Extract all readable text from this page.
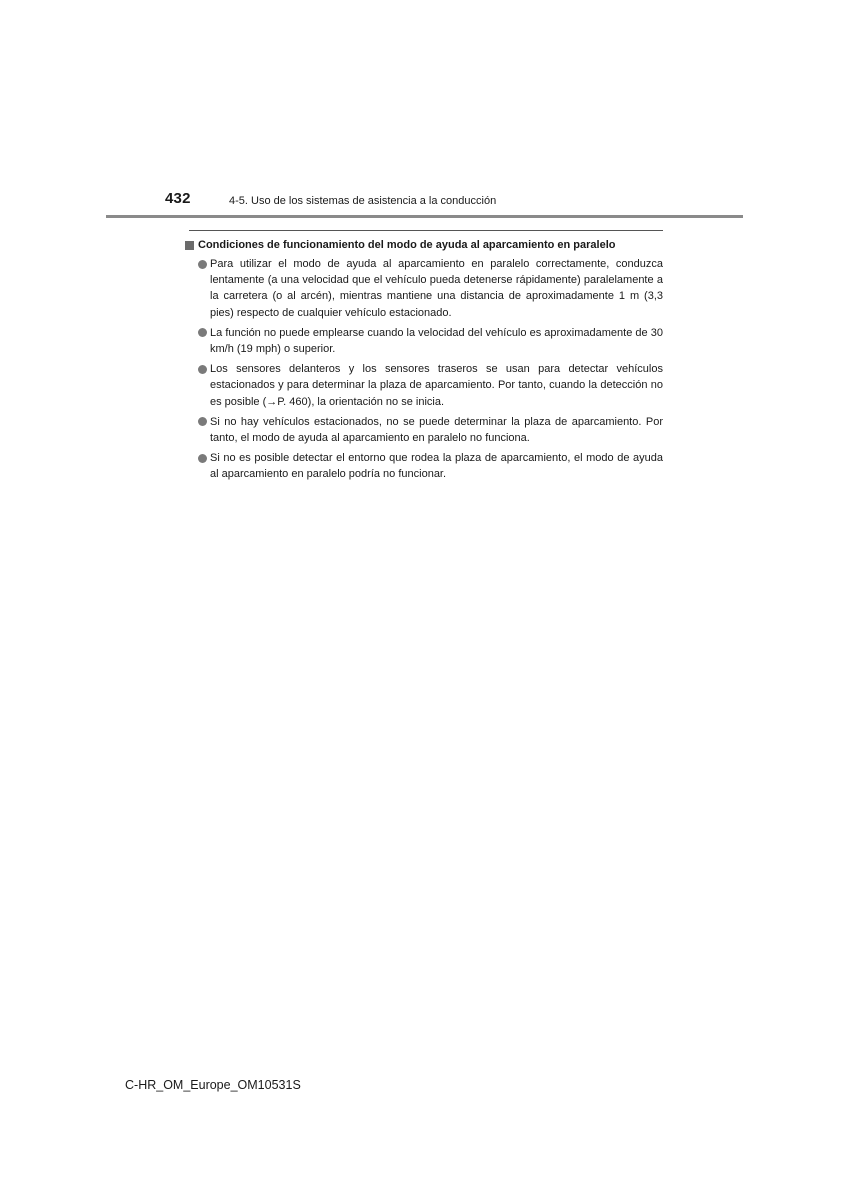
432	4-5. Uso de los sistemas de asistencia a la conducción
Condiciones de funcionamiento del modo de ayuda al aparcamiento en paralelo
Para utilizar el modo de ayuda al aparcamiento en paralelo correctamente, conduzca lentamente (a una velocidad que el vehículo pueda detenerse rápidamente) paralelamente a la carretera (o al arcén), mientras mantiene una distancia de aproximadamente 1 m (3,3 pies) respecto de cualquier vehículo estacionado.
La función no puede emplearse cuando la velocidad del vehículo es aproximadamente de 30 km/h (19 mph) o superior.
Los sensores delanteros y los sensores traseros se usan para detectar vehículos estacionados y para determinar la plaza de aparcamiento. Por tanto, cuando la detección no es posible (→P. 460), la orientación no se inicia.
Si no hay vehículos estacionados, no se puede determinar la plaza de aparcamiento. Por tanto, el modo de ayuda al aparcamiento en paralelo no funciona.
Si no es posible detectar el entorno que rodea la plaza de aparcamiento, el modo de ayuda al aparcamiento en paralelo podría no funcionar.
C-HR_OM_Europe_OM10531S
